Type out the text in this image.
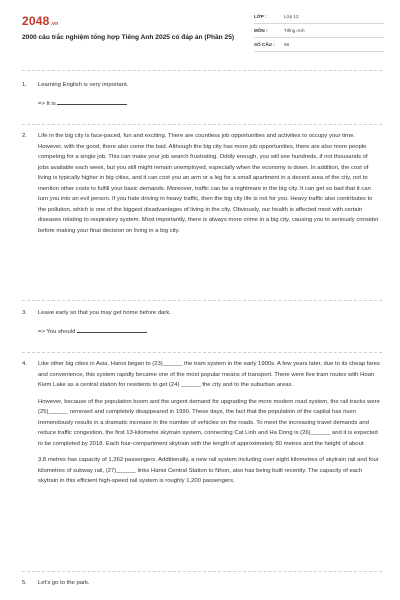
2048.vn
2000 câu trắc nghiệm tổng hợp Tiếng Anh 2025 có đáp án (Phần 25)
LỚP :	Lớp 12
MÔN :	Tiếng Anh
SỐ CÂU :	68
1. Learning English is very important.

=> It is
2. Life in the big city is face-paced, fun and exciting. There are countless job opportunities and activities to occupy your time. However, with the good, there also come the bad. Although the big city has more job opportunities, there are also more people competing for a single job. This can make your job search frustrating. Oddly enough, you will see hundreds, if not thousands of jobs available each week, but you still might remain unemployed, especially when the economy is down. In addition, the cost of living is typically higher in big cities, and it can cost you an arm or a leg for a small apartment in a decent area of the city, not to mention other costs to fulfill your basic demands. Moreover, traffic can be a nightmare in the big city. It can get so bad that it can turn you into an evil person. If you hate driving in heavy traffic, then the big city life is not for you. Heavy traffic also contributes to the pollution, which is one of the biggest disadvantages of living in the city. Obviously, our health is affected most with certain diseases relating to respiratory system. Most importantly, there is always more crime in a big city, causing you to seriously consider before making your final decision on living in a big city.

3. Leave early so that you may get home before dark.

=> You should
4. Like other big cities in Asia, Hanoi began to (23)______ the tram system in the early 1900s. A few years later, due to its cheap fares and convenience, this system rapidly became one of the most popular means of transport. There were five tram routes with Hoan Kiem Lake as a central station for residents to get (24) ______ the city and to the suburban areas.

However, because of the population boom and the urgent demand for upgrading the more modern road system, the rail tracks were (25)______ removed and completely disappeared in 1990. These days, the fact that the population of the capital has risen tremendously results in a dramatic increase in the number of vehicles on the roads. To meet the increasing travel demands and reduce traffic congestion, the first 13-kilometre skytrain system, connecting Cat Linh and Ha Dong is (26)______ and it is expected to be completed by 2018. Each four-compartment skytrain with the length of approximately 80 metres and the height of about

3.8 metres has capacity of 1,362 passengers. Additionally, a new rail system including over eight kilometres of skytrain rail and four kilometres of subway rail, (27)______ links Hanoi Central Station to Nhon, also has being built recently. The capacity of each skytrain in this efficient high-speed rail system is roughly 1,200 passengers.

5. Let's go to the park.
